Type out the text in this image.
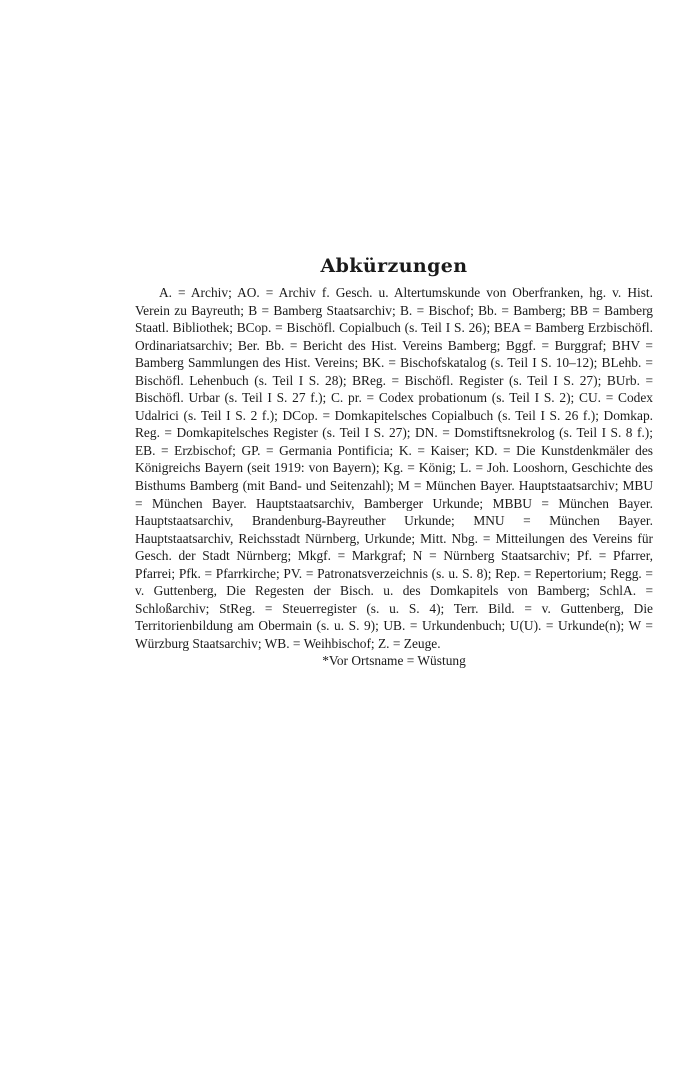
Abkürzungen

A. = Archiv; AO. = Archiv f. Gesch. u. Altertumskunde von Oberfranken, hg. v. Hist. Verein zu Bayreuth; B = Bamberg Staatsarchiv; B. = Bischof; Bb. = Bamberg; BB = Bamberg Staatl. Bibliothek; BCop. = Bischöfl. Copialbuch (s. Teil I S. 26); BEA = Bamberg Erzbischöfl. Ordinariatsarchiv; Ber. Bb. = Bericht des Hist. Vereins Bamberg; Bggf. = Burggraf; BHV = Bamberg Sammlungen des Hist. Vereins; BK. = Bischofskatalog (s. Teil I S. 10–12); BLehb. = Bischöfl. Lehenbuch (s. Teil I S. 28); BReg. = Bischöfl. Register (s. Teil I S. 27); BUrb. = Bischöfl. Urbar (s. Teil I S. 27 f.); C. pr. = Codex probationum (s. Teil I S. 2); CU. = Codex Udalrici (s. Teil I S. 2 f.); DCop. = Domkapitelsches Copialbuch (s. Teil I S. 26 f.); Domkap. Reg. = Domkapitelsches Register (s. Teil I S. 27); DN. = Domstiftsnekrolog (s. Teil I S. 8 f.); EB. = Erzbischof; GP. = Germania Pontificia; K. = Kaiser; KD. = Die Kunstdenkmäler des Königreichs Bayern (seit 1919: von Bayern); Kg. = König; L. = Joh. Looshorn, Geschichte des Bisthums Bamberg (mit Band- und Seitenzahl); M = München Bayer. Hauptstaatsarchiv; MBU = München Bayer. Hauptstaatsarchiv, Bamberger Urkunde; MBBU = München Bayer. Hauptstaatsarchiv, Brandenburg-Bayreuther Urkunde; MNU = München Bayer. Hauptstaatsarchiv, Reichsstadt Nürnberg, Urkunde; Mitt. Nbg. = Mitteilungen des Vereins für Gesch. der Stadt Nürnberg; Mkgf. = Markgraf; N = Nürnberg Staatsarchiv; Pf. = Pfarrer, Pfarrei; Pfk. = Pfarrkirche; PV. = Patronatsverzeichnis (s. u. S. 8); Rep. = Repertorium; Regg. = v. Guttenberg, Die Regesten der Bisch. u. des Domkapitels von Bamberg; SchlA. = Schloßarchiv; StReg. = Steuerregister (s. u. S. 4); Terr. Bild. = v. Guttenberg, Die Territorienbildung am Obermain (s. u. S. 9); UB. = Urkundenbuch; U(U). = Urkunde(n); W = Würzburg Staatsarchiv; WB. = Weihbischof; Z. = Zeuge.

*Vor Ortsname = Wüstung
